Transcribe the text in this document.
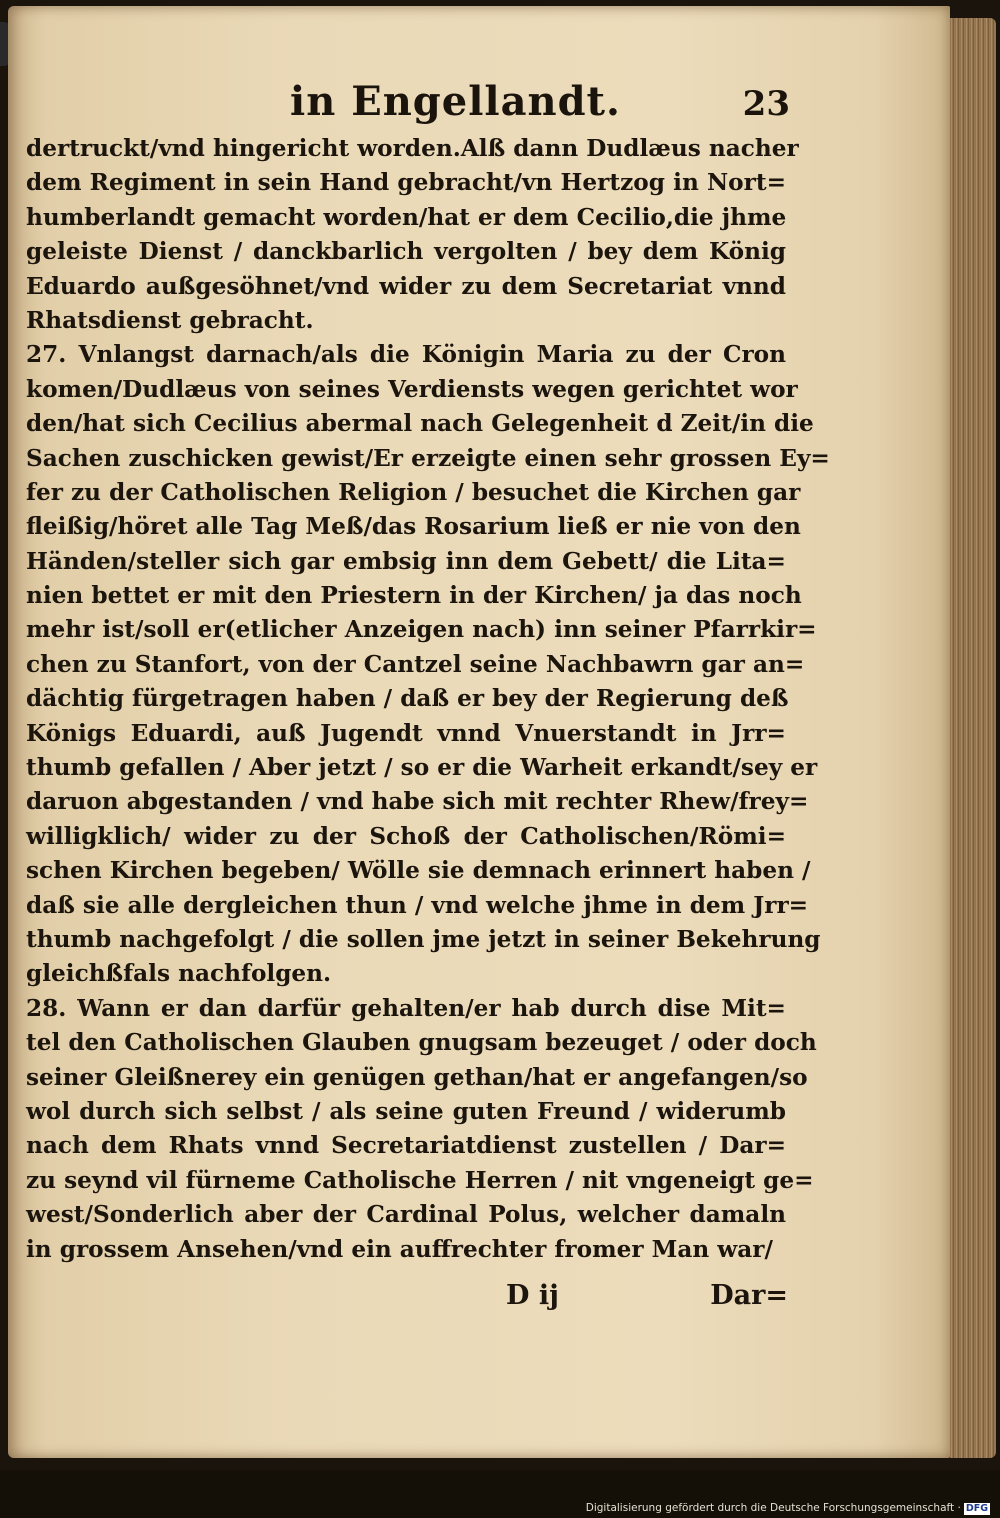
in Engellandt.	23
dertruckt/vnd hingericht worden.Alß dann Dudlæus nacher
dem Regiment in sein Hand gebracht/vn Hertzog in Nort=
humberlandt gemacht worden/hat er dem Cecilio,die jhme
geleiste Dienst / danckbarlich vergolten / bey dem König
Eduardo außgesöhnet/vnd wider zu dem Secretariat vnnd
Rhatsdienst gebracht.
27. Vnlangst darnach/als die Königin Maria zu der Cron
komen/Dudlæus von seines Verdiensts wegen gerichtet wor
den/hat sich Cecilius abermal nach Gelegenheit d Zeit/in die
Sachen zuschicken gewist/Er erzeigte einen sehr grossen Ey=
fer zu der Catholischen Religion / besuchet die Kirchen gar
fleißig/höret alle Tag Meß/das Rosarium ließ er nie von den
Händen/steller sich gar embsig inn dem Gebett/ die Lita=
nien bettet er mit den Priestern in der Kirchen/ ja das noch
mehr ist/soll er(etlicher Anzeigen nach) inn seiner Pfarrkir=
chen zu Stanfort, von der Cantzel seine Nachbawrn gar an=
dächtig fürgetragen haben / daß er bey der Regierung deß
Königs Eduardi, auß Jugendt vnnd Vnuerstandt in Jrr=
thumb gefallen / Aber jetzt / so er die Warheit erkandt/sey er
daruon abgestanden / vnd habe sich mit rechter Rhew/frey=
willigklich/ wider zu der Schoß der Catholischen/Römi=
schen Kirchen begeben/ Wölle sie demnach erinnert haben /
daß sie alle dergleichen thun / vnd welche jhme in dem Jrr=
thumb nachgefolgt / die sollen jme jetzt in seiner Bekehrung
gleichßfals nachfolgen.
28. Wann er dan darfür gehalten/er hab durch dise Mit=
tel den Catholischen Glauben gnugsam bezeuget / oder doch
seiner Gleißnerey ein genügen gethan/hat er angefangen/so
wol durch sich selbst / als seine guten Freund / widerumb
nach dem Rhats vnnd Secretariatdienst zustellen / Dar=
zu seynd vil fürneme Catholische Herren / nit vngeneigt ge=
west/Sonderlich aber der Cardinal Polus, welcher damaln
in grossem Ansehen/vnd ein auffrechter fromer Man war/
D ij	Dar=
Digitalisierung gefördert durch die Deutsche Forschungsgemeinschaft · DFG
